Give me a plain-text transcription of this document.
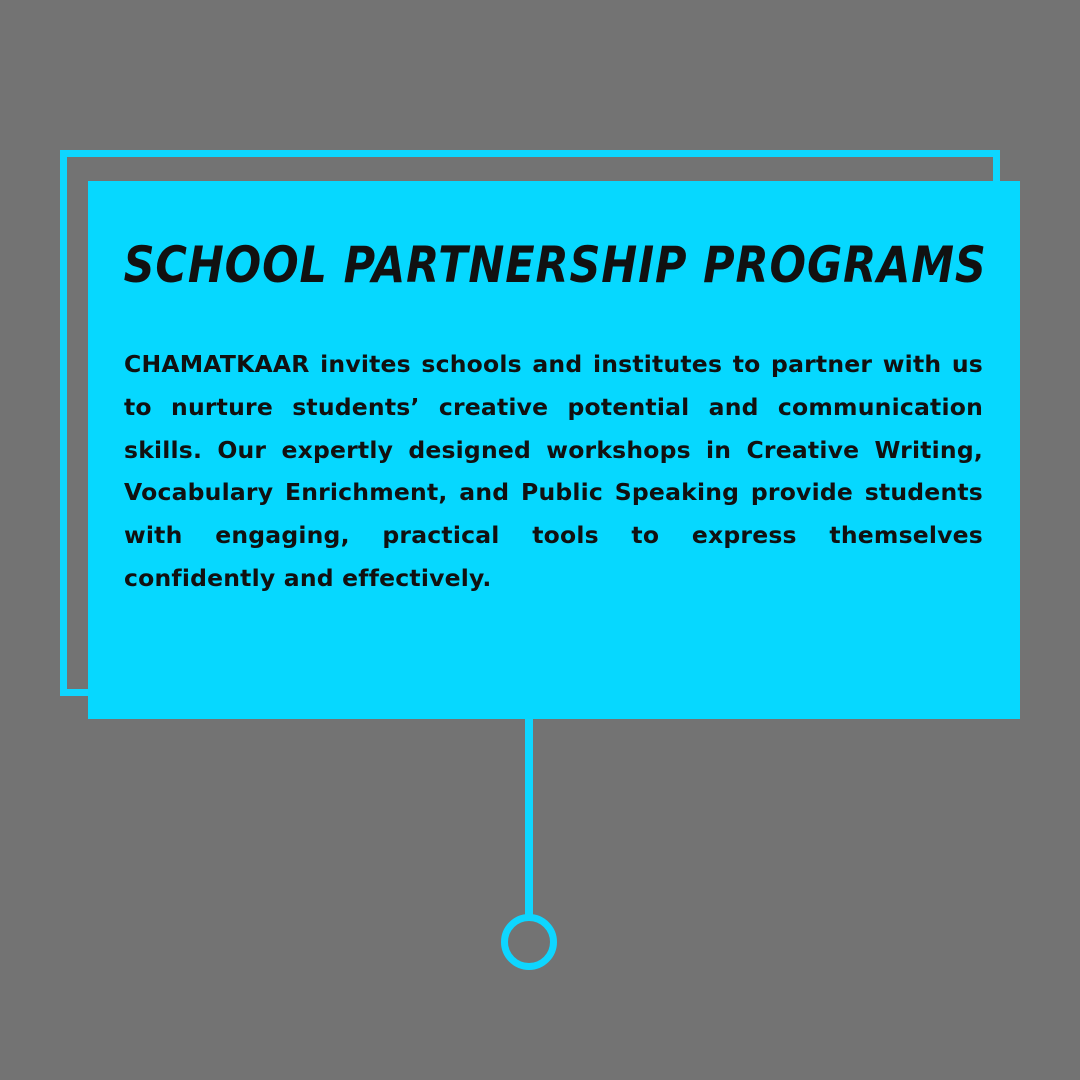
SCHOOL PARTNERSHIP PROGRAMS

CHAMATKAAR invites schools and institutes to partner with us to nurture students’ creative potential and communication skills. Our expertly designed workshops in Creative Writing, Vocabulary Enrichment, and Public Speaking provide students with engaging, practical tools to express themselves confidently and effectively.
